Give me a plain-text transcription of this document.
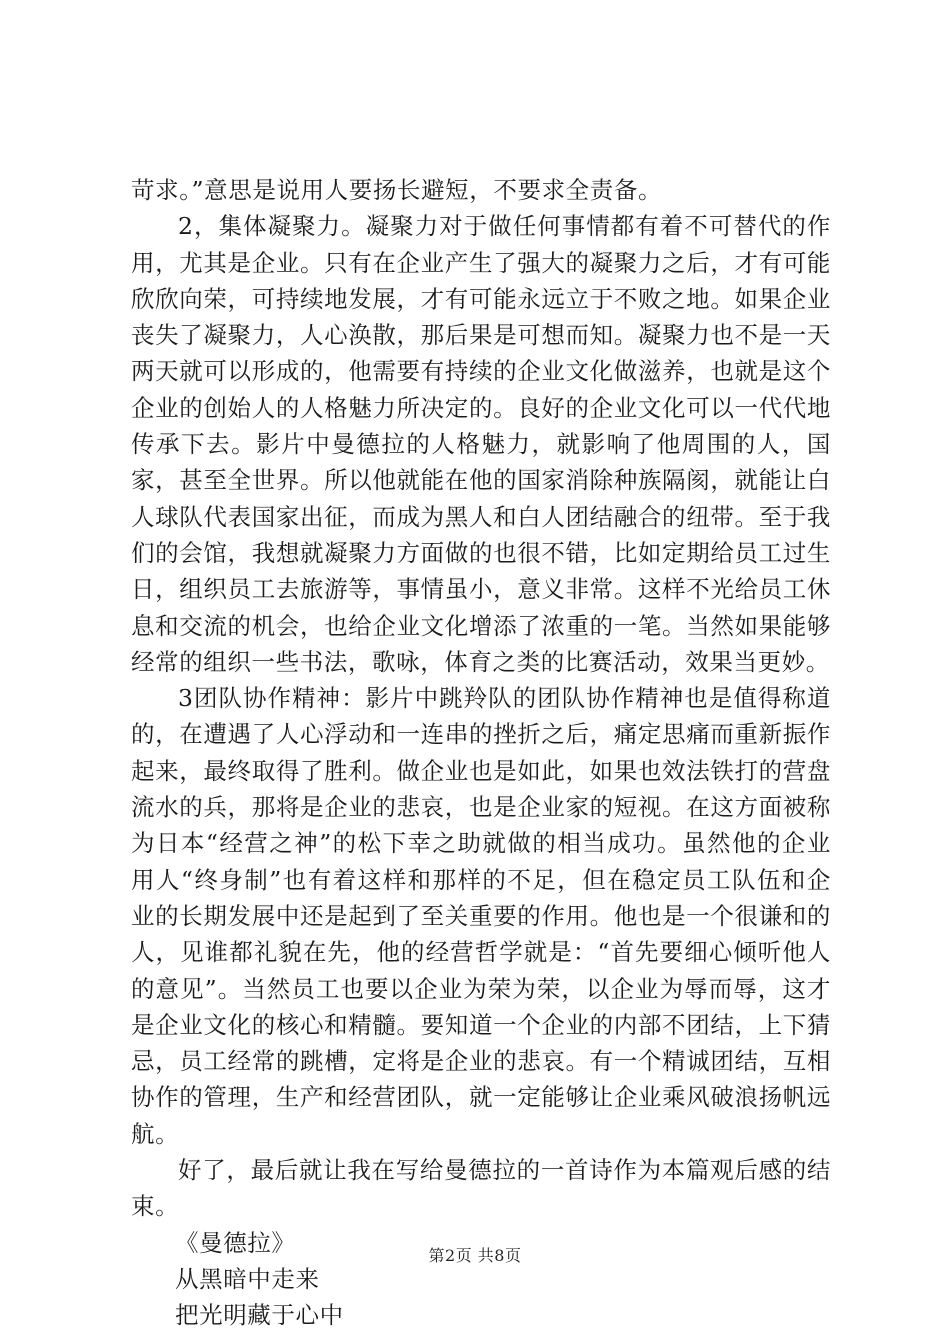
苛求。”意思是说用人要扬长避短，不要求全责备。

2，集体凝聚力。凝聚力对于做任何事情都有着不可替代的作用，尤其是企业。只有在企业产生了强大的凝聚力之后，才有可能欣欣向荣，可持续地发展，才有可能永远立于不败之地。如果企业丧失了凝聚力，人心涣散，那后果是可想而知。凝聚力也不是一天两天就可以形成的，他需要有持续的企业文化做滋养，也就是这个企业的创始人的人格魅力所决定的。良好的企业文化可以一代代地传承下去。影片中曼德拉的人格魅力，就影响了他周围的人，国家，甚至全世界。所以他就能在他的国家消除种族隔阂，就能让白人球队代表国家出征，而成为黑人和白人团结融合的纽带。至于我们的会馆，我想就凝聚力方面做的也很不错，比如定期给员工过生日，组织员工去旅游等，事情虽小，意义非常。这样不光给员工休息和交流的机会，也给企业文化增添了浓重的一笔。当然如果能够经常的组织一些书法，歌咏，体育之类的比赛活动，效果当更妙。

3团队协作精神：影片中跳羚队的团队协作精神也是值得称道的，在遭遇了人心浮动和一连串的挫折之后，痛定思痛而重新振作起来，最终取得了胜利。做企业也是如此，如果也效法铁打的营盘流水的兵，那将是企业的悲哀，也是企业家的短视。在这方面被称为日本“经营之神”的松下幸之助就做的相当成功。虽然他的企业用人“终身制”也有着这样和那样的不足，但在稳定员工队伍和企业的长期发展中还是起到了至关重要的作用。他也是一个很谦和的人，见谁都礼貌在先，他的经营哲学就是：“首先要细心倾听他人的意见”。当然员工也要以企业为荣为荣，以企业为辱而辱，这才是企业文化的核心和精髓。要知道一个企业的内部不团结，上下猜忌，员工经常的跳槽，定将是企业的悲哀。有一个精诚团结，互相协作的管理，生产和经营团队，就一定能够让企业乘风破浪扬帆远航。

好了，最后就让我在写给曼德拉的一首诗作为本篇观后感的结束。

《曼德拉》

从黑暗中走来

把光明藏于心中

第2页 共8页
